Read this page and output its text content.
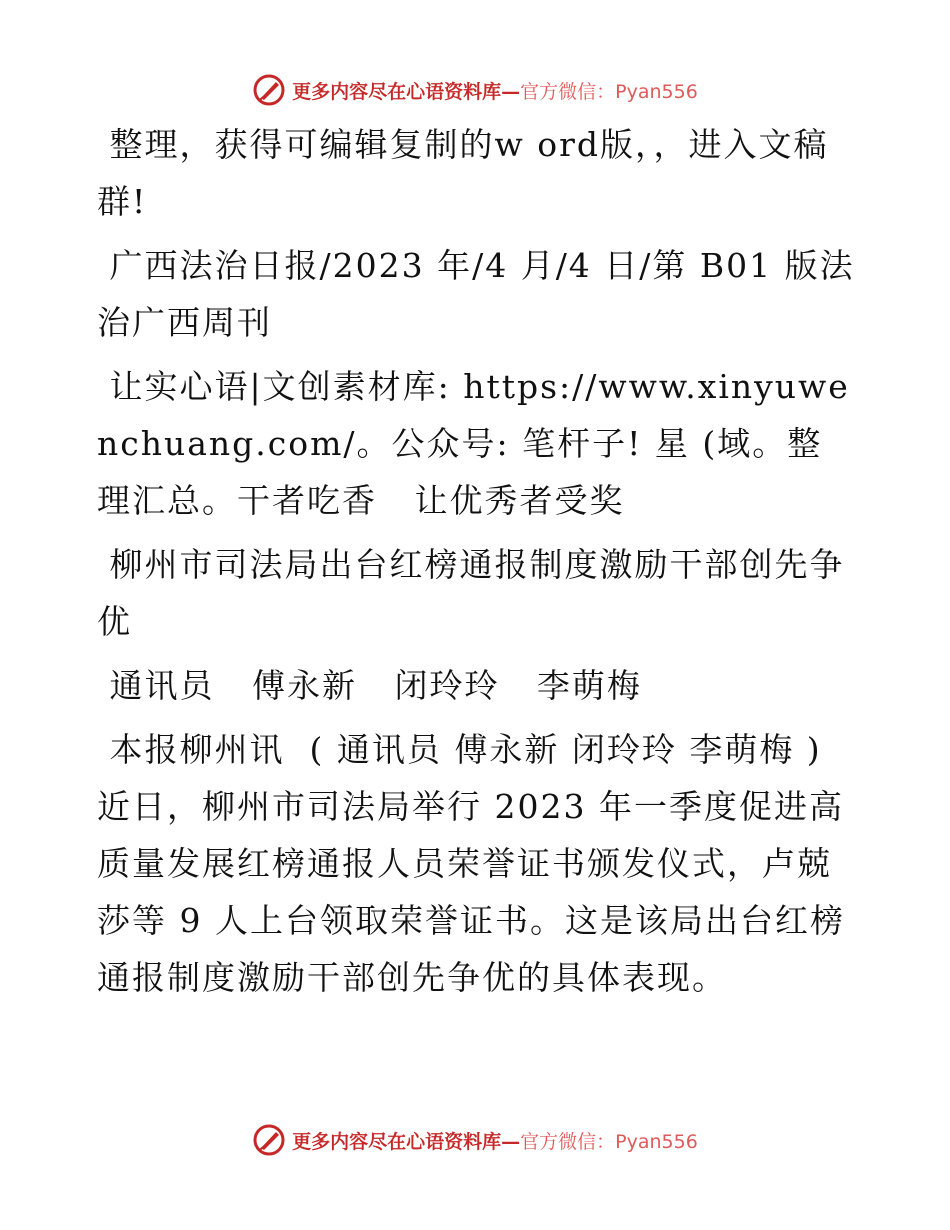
更多内容尽在心语资料库— 官方微信：Pyan556

整理，获得可编辑复制的w ord版，，进入文稿群!

广西法治日报/2023 年/4 月/4 日/第 B01 版法治广西周刊

让实心语|文创素材库: https://www.xinyuwenchuang.com/。公众号: 笔杆子! 星 (域。整理汇总。干者吃香   让优秀者受奖

柳州市司法局出台红榜通报制度激励干部创先争优

通讯员   傅永新   闭玲玲   李萌梅

本报柳州讯  ( 通讯员 傅永新 闭玲玲 李萌梅 ) 近日，柳州市司法局举行 2023 年一季度促进高质量发展红榜通报人员荣誉证书颁发仪式，卢兢莎等 9 人上台领取荣誉证书。这是该局出台红榜通报制度激励干部创先争优的具体表现。

更多内容尽在心语资料库— 官方微信：Pyan556
